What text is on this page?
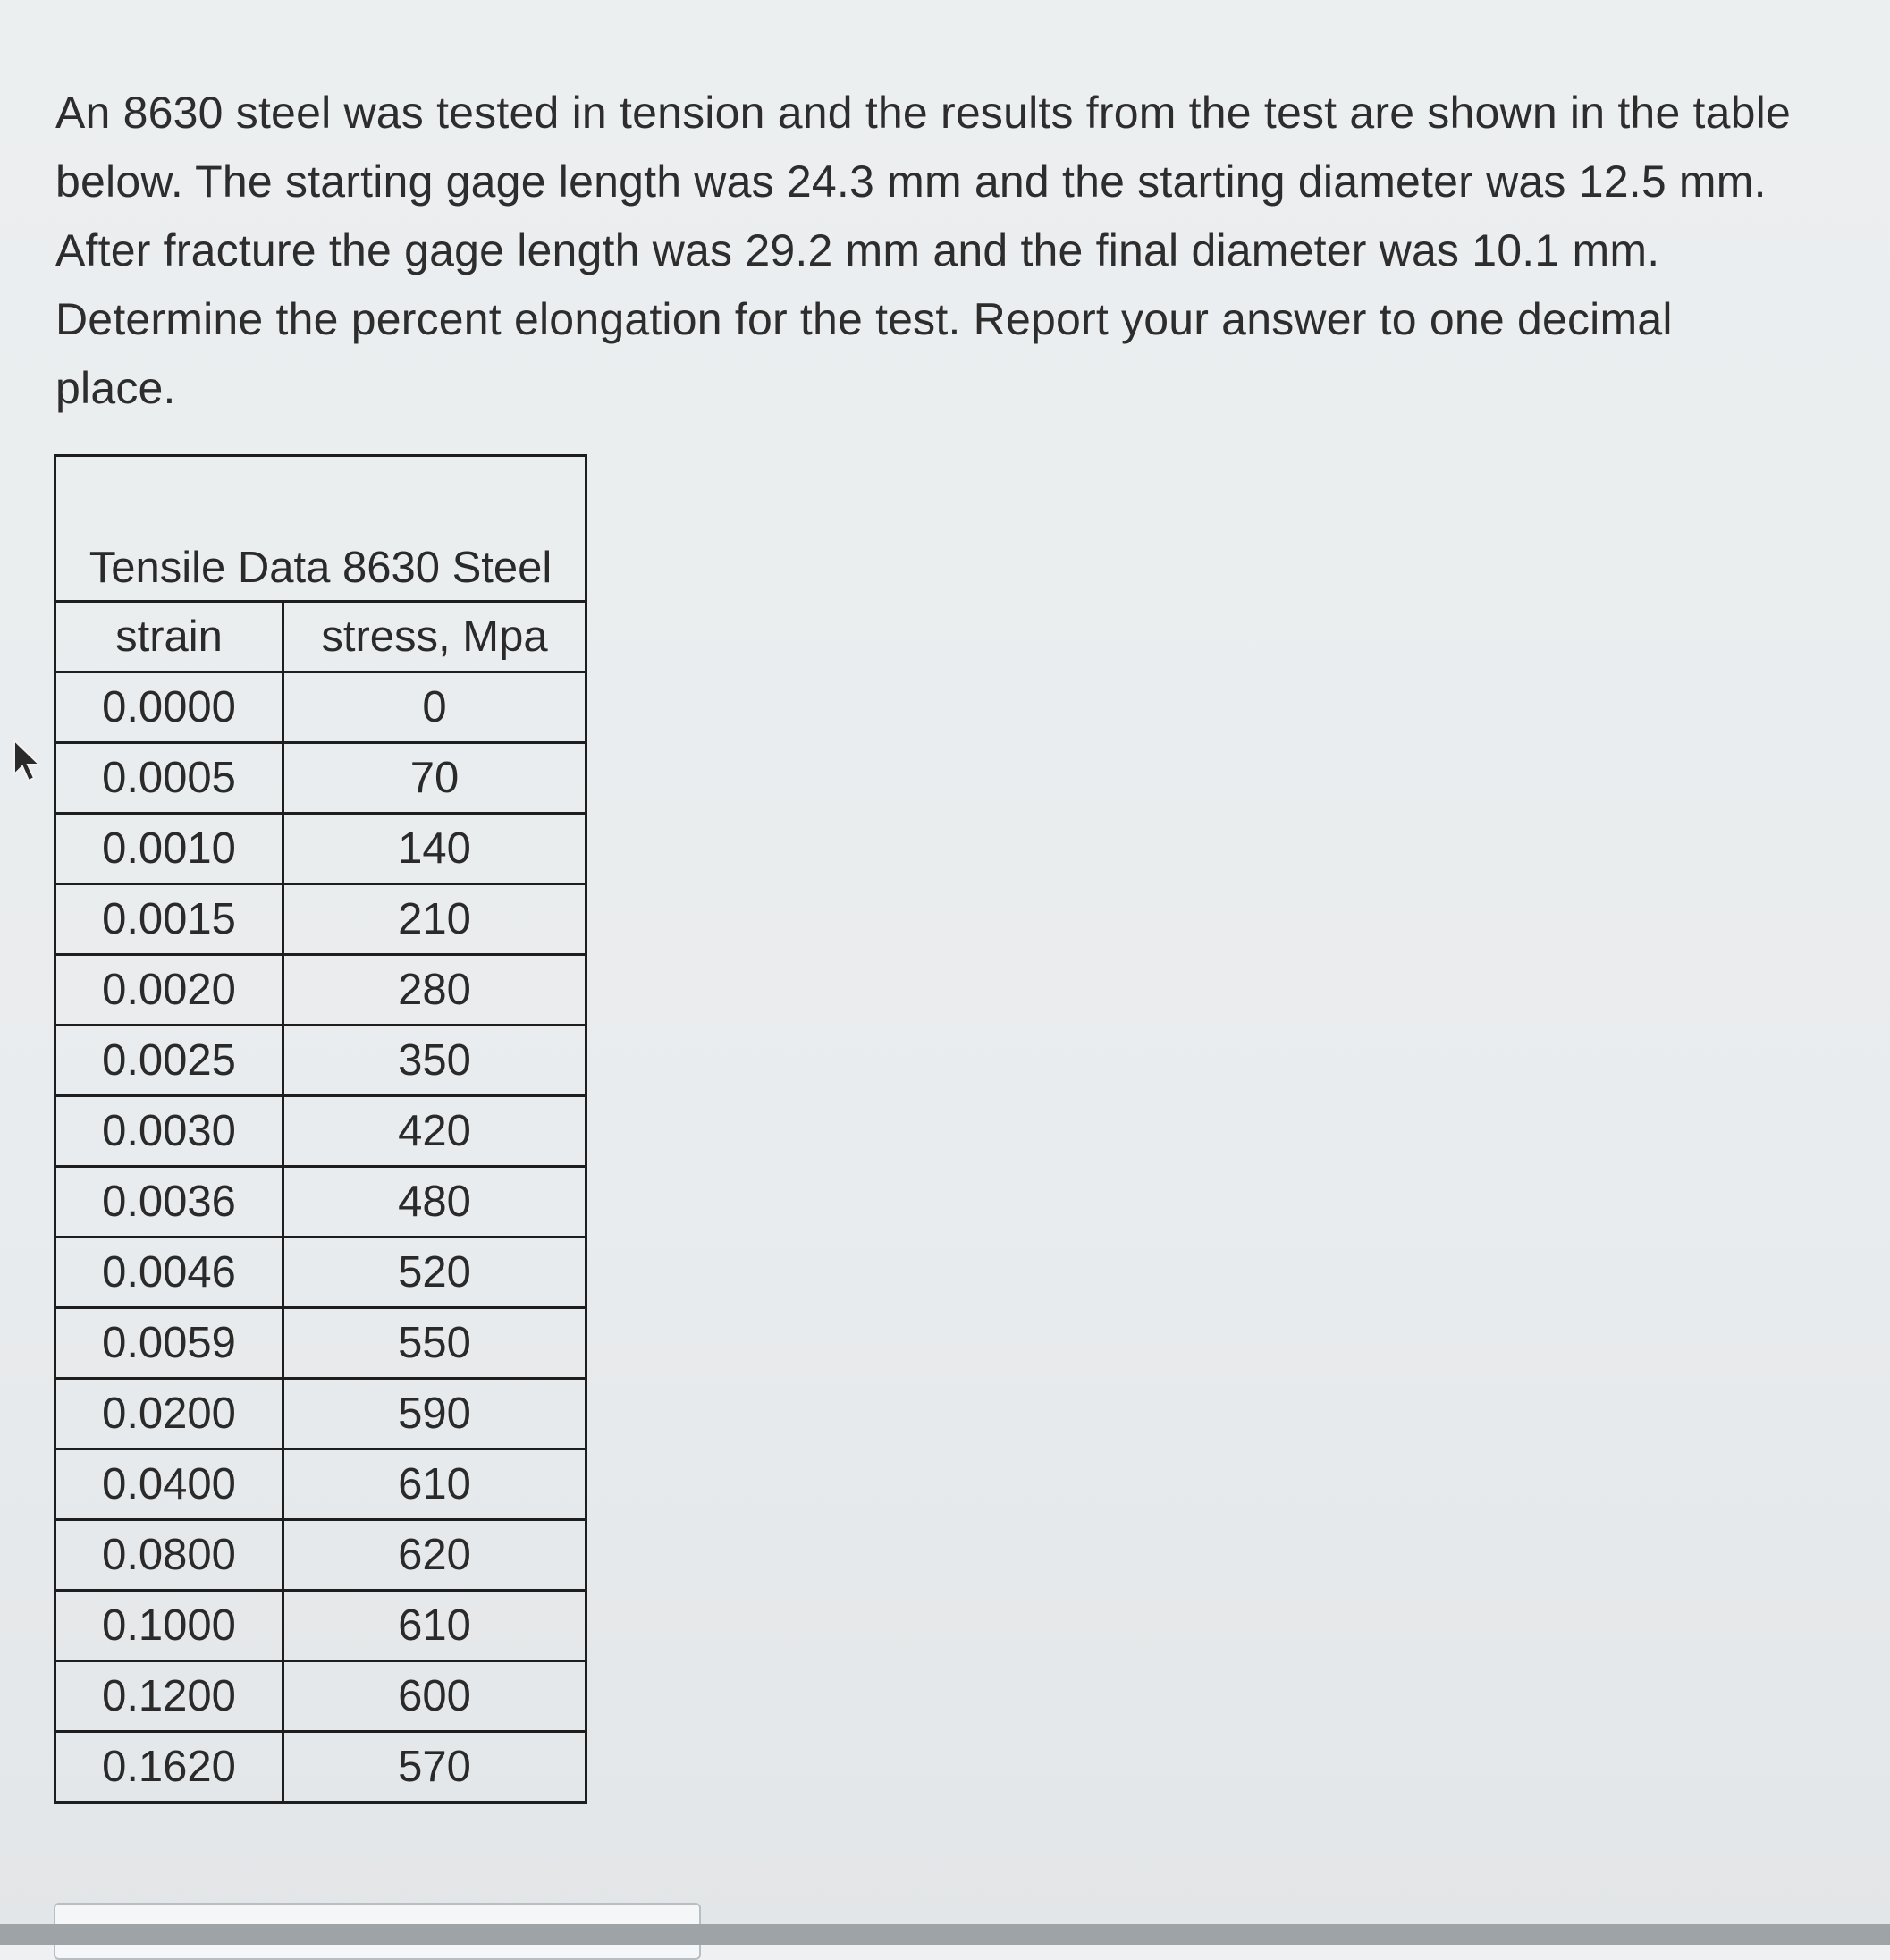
An 8630 steel was tested in tension and the results from the test are shown in the table
below. The starting gage length was 24.3 mm and the starting diameter was 12.5 mm.
After fracture the gage length was 29.2 mm and the final diameter was 10.1 mm.
Determine the percent elongation for the test. Report your answer to one decimal
place.

Tensile Data 8630 Steel	
strain	stress, Mpa
0.0000	0
0.0005	70
0.0010	140
0.0015	210
0.0020	280
0.0025	350
0.0030	420
0.0036	480
0.0046	520
0.0059	550
0.0200	590
0.0400	610
0.0800	620
0.1000	610
0.1200	600
0.1620	570
